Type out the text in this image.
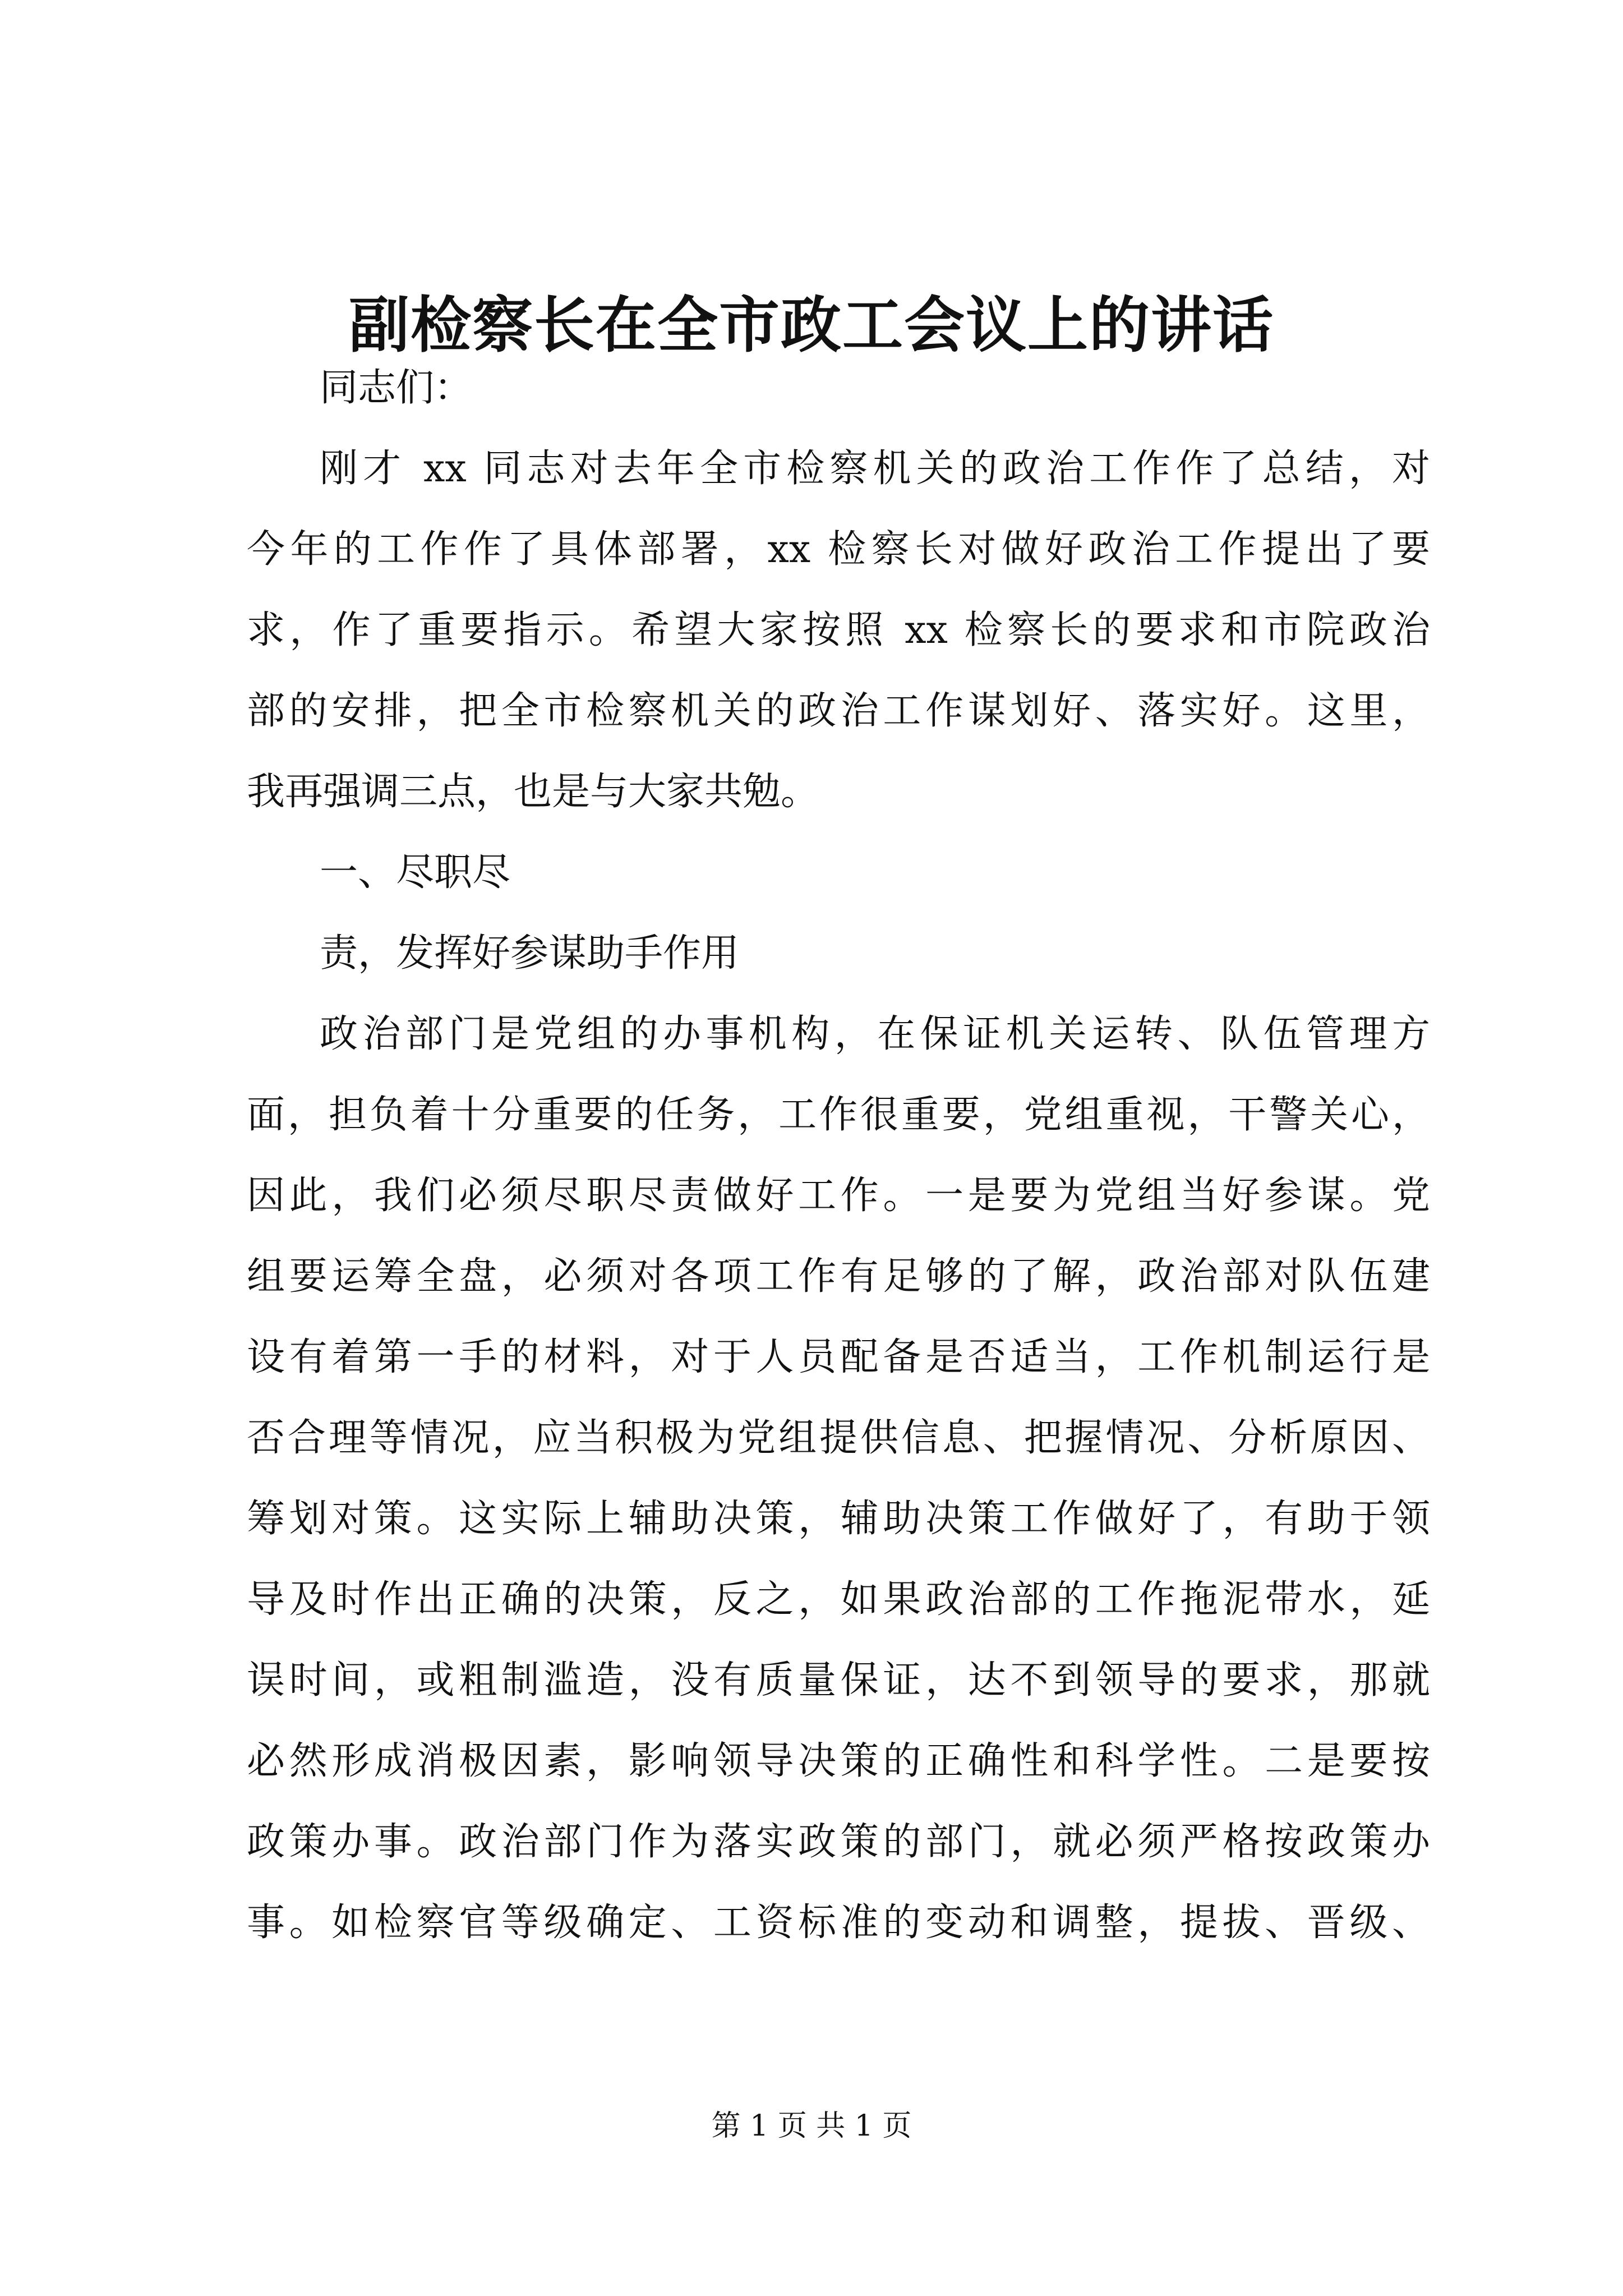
副检察长在全市政工会议上的讲话
同志们：
刚才 xx 同志对去年全市检察机关的政治工作作了总结，对
今年的工作作了具体部署，xx 检察长对做好政治工作提出了要
求，作了重要指示。希望大家按照 xx 检察长的要求和市院政治
部的安排，把全市检察机关的政治工作谋划好、落实好。这里，
我再强调三点，也是与大家共勉。
一、尽职尽
责，发挥好参谋助手作用
政治部门是党组的办事机构，在保证机关运转、队伍管理方
面，担负着十分重要的任务，工作很重要，党组重视，干警关心，
因此，我们必须尽职尽责做好工作。一是要为党组当好参谋。党
组要运筹全盘，必须对各项工作有足够的了解，政治部对队伍建
设有着第一手的材料，对于人员配备是否适当，工作机制运行是
否合理等情况，应当积极为党组提供信息、把握情况、分析原因、
筹划对策。这实际上辅助决策，辅助决策工作做好了，有助于领
导及时作出正确的决策，反之，如果政治部的工作拖泥带水，延
误时间，或粗制滥造，没有质量保证，达不到领导的要求，那就
必然形成消极因素，影响领导决策的正确性和科学性。二是要按
政策办事。政治部门作为落实政策的部门，就必须严格按政策办
事。如检察官等级确定、工资标准的变动和调整，提拔、晋级、
第 1 页 共 1 页
